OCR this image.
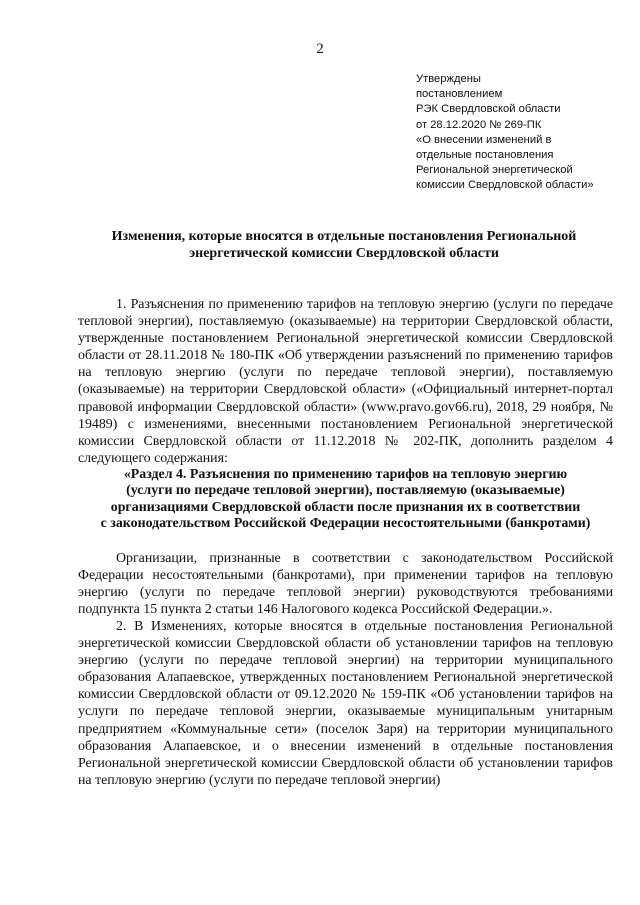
2
Утверждены
постановлением
РЭК Свердловской области
от 28.12.2020 № 269-ПК
«О внесении изменений в
отдельные постановления
Региональной энергетической
комиссии Свердловской области»
Изменения, которые вносятся в отдельные постановления Региональной
энергетической комиссии Свердловской области

1. Разъяснения по применению тарифов на тепловую энергию (услуги по передаче тепловой энергии), поставляемую (оказываемые) на территории Свердловской области, утвержденные постановлением Региональной энергетической комиссии Свердловской области от 28.11.2018 № 180-ПК «Об утверждении разъяснений по применению тарифов на тепловую энергию (услуги по передаче тепловой энергии), поставляемую (оказываемые) на территории Свердловской области» («Официальный интернет-портал правовой информации Свердловской области» (www.pravo.gov66.ru), 2018, 29 ноября, № 19489) с изменениями, внесенными постановлением Региональной энергетической комиссии Свердловской области от 11.12.2018 № 202-ПК, дополнить разделом 4 следующего содержания:

«Раздел 4. Разъяснения по применению тарифов на тепловую энергию
(услуги по передаче тепловой энергии), поставляемую (оказываемые)
организациями Свердловской области после признания их в соответствии
с законодательством Российской Федерации несостоятельными (банкротами)

Организации, признанные в соответствии с законодательством Российской Федерации несостоятельными (банкротами), при применении тарифов на тепловую энергию (услуги по передаче тепловой энергии) руководствуются требованиями подпункта 15 пункта 2 статьи 146 Налогового кодекса Российской Федерации.».

2. В Изменениях, которые вносятся в отдельные постановления Региональной энергетической комиссии Свердловской области об установлении тарифов на тепловую энергию (услуги по передаче тепловой энергии) на территории муниципального образования Алапаевское, утвержденных постановлением Региональной энергетической комиссии Свердловской области от 09.12.2020 № 159-ПК «Об установлении тарифов на услуги по передаче тепловой энергии, оказываемые муниципальным унитарным предприятием «Коммунальные сети» (поселок Заря) на территории муниципального образования Алапаевское, и о внесении изменений в отдельные постановления Региональной энергетической комиссии Свердловской области об установлении тарифов на тепловую энергию (услуги по передаче тепловой энергии)
